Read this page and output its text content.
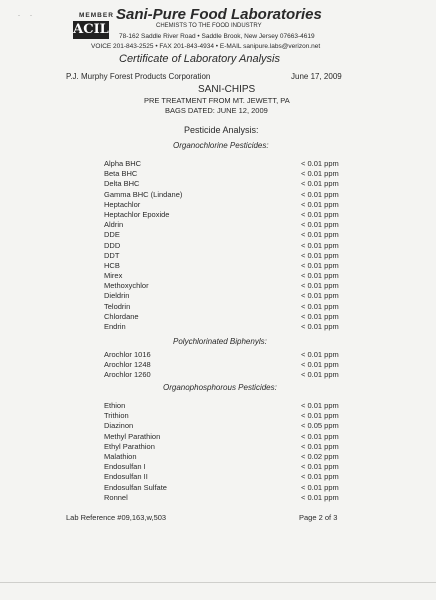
-      -	MEMBER
ACIL
Sani-Pure Food Laboratories
CHEMISTS TO THE FOOD INDUSTRY
78-162 Saddle River Road • Saddle Brook, New Jersey 07663-4619
VOICE 201-843-2525 • FAX 201-843-4934 • E-MAIL sanipure.labs@verizon.net
Certificate of Laboratory Analysis
P.J. Murphy Forest Products Corporation	June 17, 2009
SANI-CHIPS
PRE TREATMENT FROM MT. JEWETT, PA
BAGS DATED: JUNE 12, 2009
Pesticide Analysis:
Organochlorine Pesticides:
Alpha BHC	< 0.01 ppm
Beta BHC	< 0.01 ppm
Delta BHC	< 0.01 ppm
Gamma BHC (Lindane)	< 0.01 ppm
Heptachlor	< 0.01 ppm
Heptachlor Epoxide	< 0.01 ppm
Aldrin	< 0.01 ppm
DDE	< 0.01 ppm
DDD	< 0.01 ppm
DDT	< 0.01 ppm
HCB	< 0.01 ppm
Mirex	< 0.01 ppm
Methoxychlor	< 0.01 ppm
Dieldrin	< 0.01 ppm
Telodrin	< 0.01 ppm
Chlordane	< 0.01 ppm
Endrin	< 0.01 ppm
Polychlorinated Biphenyls:
Arochlor 1016	< 0.01 ppm
Arochlor 1248	< 0.01 ppm
Arochlor 1260	< 0.01 ppm
Organophosphorous Pesticides:
Ethion	< 0.01 ppm
Trithion	< 0.01 ppm
Diazinon	< 0.05 ppm
Methyl Parathion	< 0.01 ppm
Ethyl Parathion	< 0.01 ppm
Malathion	< 0.02 ppm
Endosulfan I	< 0.01 ppm
Endosulfan II	< 0.01 ppm
Endosulfan Sulfate	< 0.01 ppm
Ronnel	< 0.01 ppm
Lab Reference #09,163,w,503	Page 2 of 3
